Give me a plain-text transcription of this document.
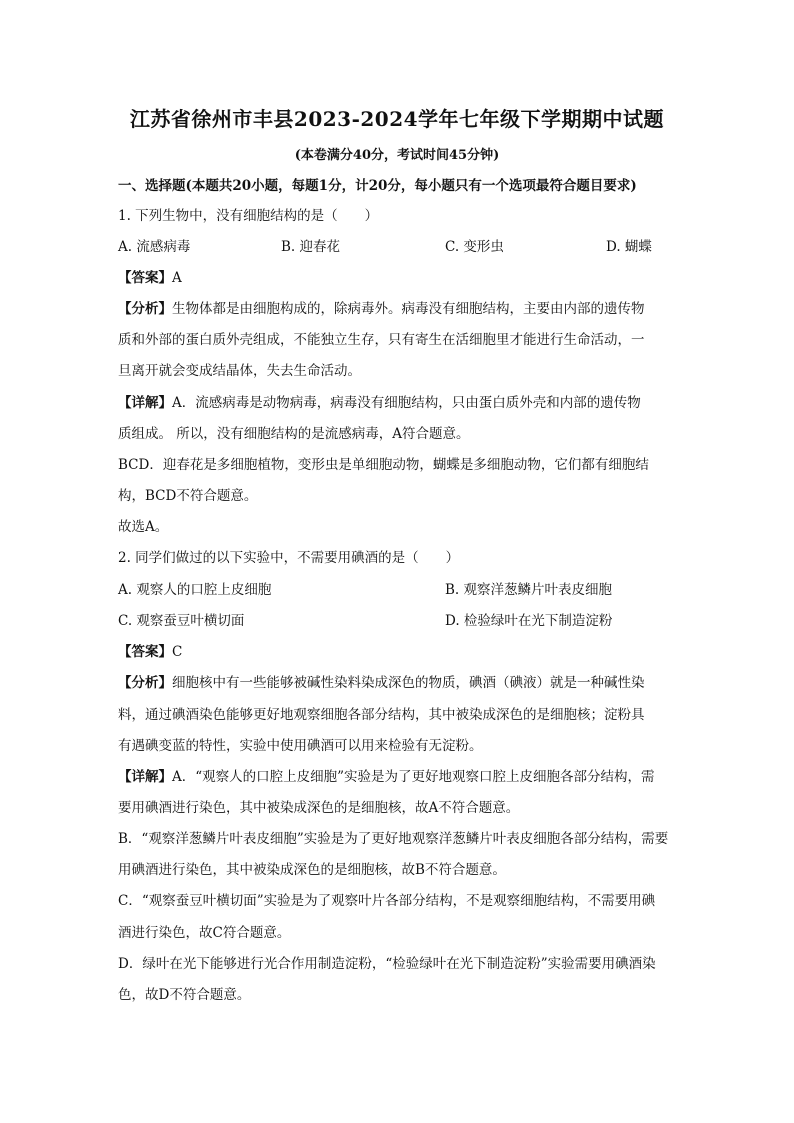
江苏省徐州市丰县2023-2024学年七年级下学期期中试题
(本卷满分40分，考试时间45分钟)
一、选择题(本题共20小题，每题1分，计20分，每小题只有一个选项最符合题目要求)
1. 下列生物中，没有细胞结构的是（　　）
A. 流感病毒	B. 迎春花	C. 变形虫	D. 蝴蝶
【答案】A
【分析】生物体都是由细胞构成的，除病毒外。病毒没有细胞结构，主要由内部的遗传物
质和外部的蛋白质外壳组成，不能独立生存，只有寄生在活细胞里才能进行生命活动，一
旦离开就会变成结晶体，失去生命活动。
【详解】A．流感病毒是动物病毒，病毒没有细胞结构，只由蛋白质外壳和内部的遗传物
质组成。 所以，没有细胞结构的是流感病毒，A符合题意。
BCD．迎春花是多细胞植物，变形虫是单细胞动物，蝴蝶是多细胞动物，它们都有细胞结
构，BCD不符合题意。
故选A。
2. 同学们做过的以下实验中，不需要用碘酒的是（　　）
A. 观察人的口腔上皮细胞	B. 观察洋葱鳞片叶表皮细胞
C. 观察蚕豆叶横切面	D. 检验绿叶在光下制造淀粉
【答案】C
【分析】细胞核中有一些能够被碱性染料染成深色的物质，碘酒（碘液）就是一种碱性染
料，通过碘酒染色能够更好地观察细胞各部分结构，其中被染成深色的是细胞核；淀粉具
有遇碘变蓝的特性，实验中使用碘酒可以用来检验有无淀粉。
【详解】A．“观察人的口腔上皮细胞”实验是为了更好地观察口腔上皮细胞各部分结构，需
要用碘酒进行染色，其中被染成深色的是细胞核，故A不符合题意。
B．“观察洋葱鳞片叶表皮细胞”实验是为了更好地观察洋葱鳞片叶表皮细胞各部分结构，需要
用碘酒进行染色，其中被染成深色的是细胞核，故B不符合题意。
C．“观察蚕豆叶横切面”实验是为了观察叶片各部分结构，不是观察细胞结构，不需要用碘
酒进行染色，故C符合题意。
D．绿叶在光下能够进行光合作用制造淀粉，“检验绿叶在光下制造淀粉”实验需要用碘酒染
色，故D不符合题意。
